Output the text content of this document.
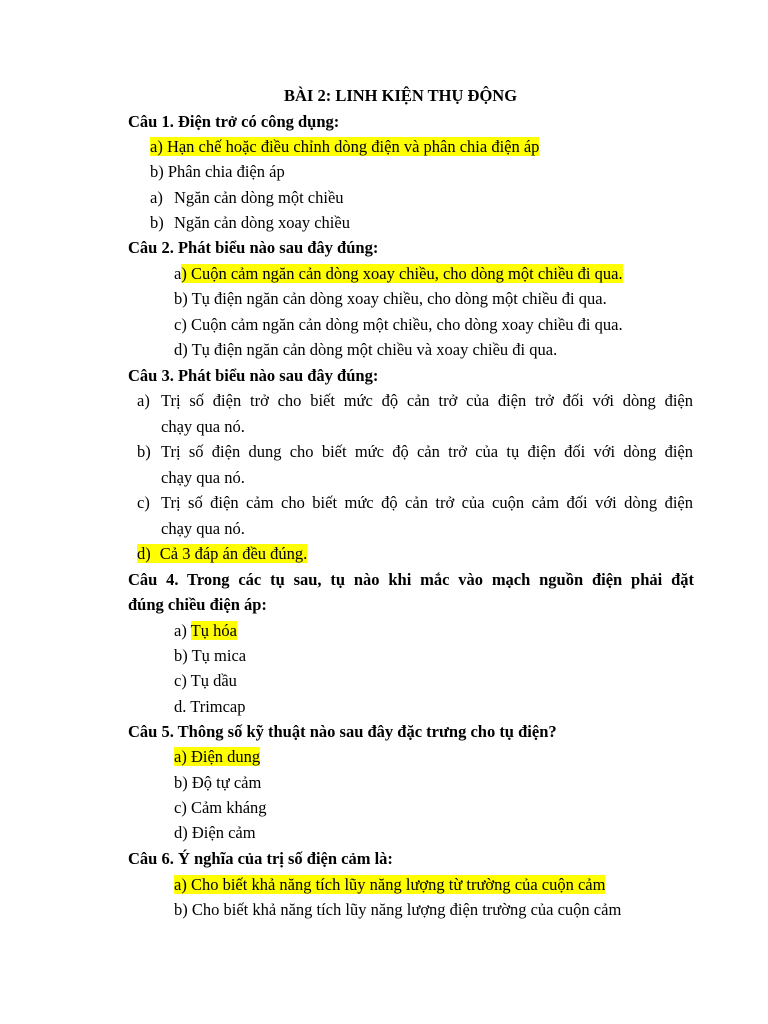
BÀI 2: LINH KIỆN THỤ ĐỘNG
Câu 1. Điện trở có công dụng:
a) Hạn chế hoặc điều chỉnh dòng điện và phân chia điện áp
b) Phân chia điện áp
a) Ngăn cản dòng một chiều
b) Ngăn cản dòng xoay chiều
Câu 2. Phát biểu nào sau đây đúng:
a) Cuộn cảm ngăn cản dòng xoay chiều, cho dòng một chiều đi qua.
b) Tụ điện ngăn cản dòng xoay chiều, cho dòng một chiều đi qua.
c) Cuộn cảm ngăn cản dòng một chiều, cho dòng xoay chiều đi qua.
d) Tụ điện ngăn cản dòng một chiều và xoay chiều đi qua.
Câu 3. Phát biểu nào sau đây đúng:
a) Trị số điện trở cho biết mức độ cản trở của điện trở đối với dòng điện
chạy qua nó.
b) Trị số điện dung cho biết mức độ cản trở của tụ điện đối với dòng điện
chạy qua nó.
c) Trị số điện cảm cho biết mức độ cản trở của cuộn cảm đối với dòng điện
chạy qua nó.
d) Cả 3 đáp án đều đúng.
Câu 4. Trong các tụ sau, tụ nào khi mắc vào mạch nguồn điện phải đặt
đúng chiều điện áp:
a) Tụ hóa
b) Tụ mica
c) Tụ dầu
d. Trimcap
Câu 5. Thông số kỹ thuật nào sau đây đặc trưng cho tụ điện?
a) Điện dung
b) Độ tự cảm
c) Cảm kháng
d) Điện cảm
Câu 6. Ý nghĩa của trị số điện cảm là:
a) Cho biết khả năng tích lũy năng lượng từ trường của cuộn cảm
b) Cho biết khả năng tích lũy năng lượng điện trường của cuộn cảm
